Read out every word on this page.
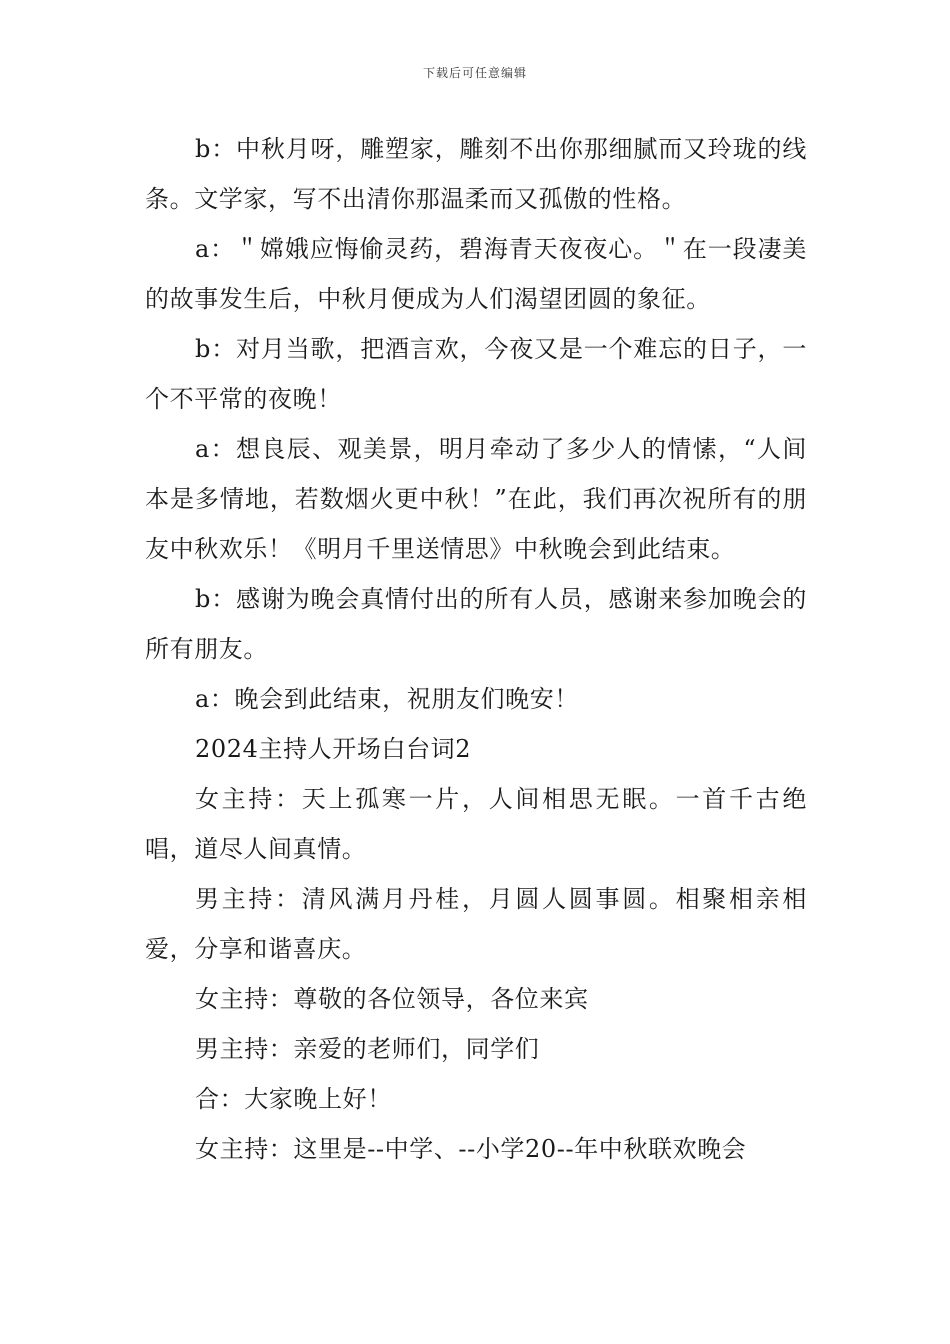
下载后可任意编辑

b：中秋月呀，雕塑家，雕刻不出你那细腻而又玲珑的线条。文学家，写不出清你那温柔而又孤傲的性格。

a：＂嫦娥应悔偷灵药，碧海青天夜夜心。＂在一段凄美的故事发生后，中秋月便成为人们渴望团圆的象征。

b：对月当歌，把酒言欢，今夜又是一个难忘的日子，一个不平常的夜晚！

a：想良辰、观美景，明月牵动了多少人的情愫，“人间本是多情地，若数烟火更中秋！”在此，我们再次祝所有的朋友中秋欢乐！《明月千里送情思》中秋晚会到此结束。

b：感谢为晚会真情付出的所有人员，感谢来参加晚会的所有朋友。

a：晚会到此结束，祝朋友们晚安！

2024主持人开场白台词2

女主持：天上孤寒一片，人间相思无眠。一首千古绝唱，道尽人间真情。

男主持：清风满月丹桂，月圆人圆事圆。相聚相亲相爱，分享和谐喜庆。

女主持：尊敬的各位领导，各位来宾

男主持：亲爱的老师们，同学们

合：大家晚上好！

女主持：这里是--中学、--小学20--年中秋联欢晚会
